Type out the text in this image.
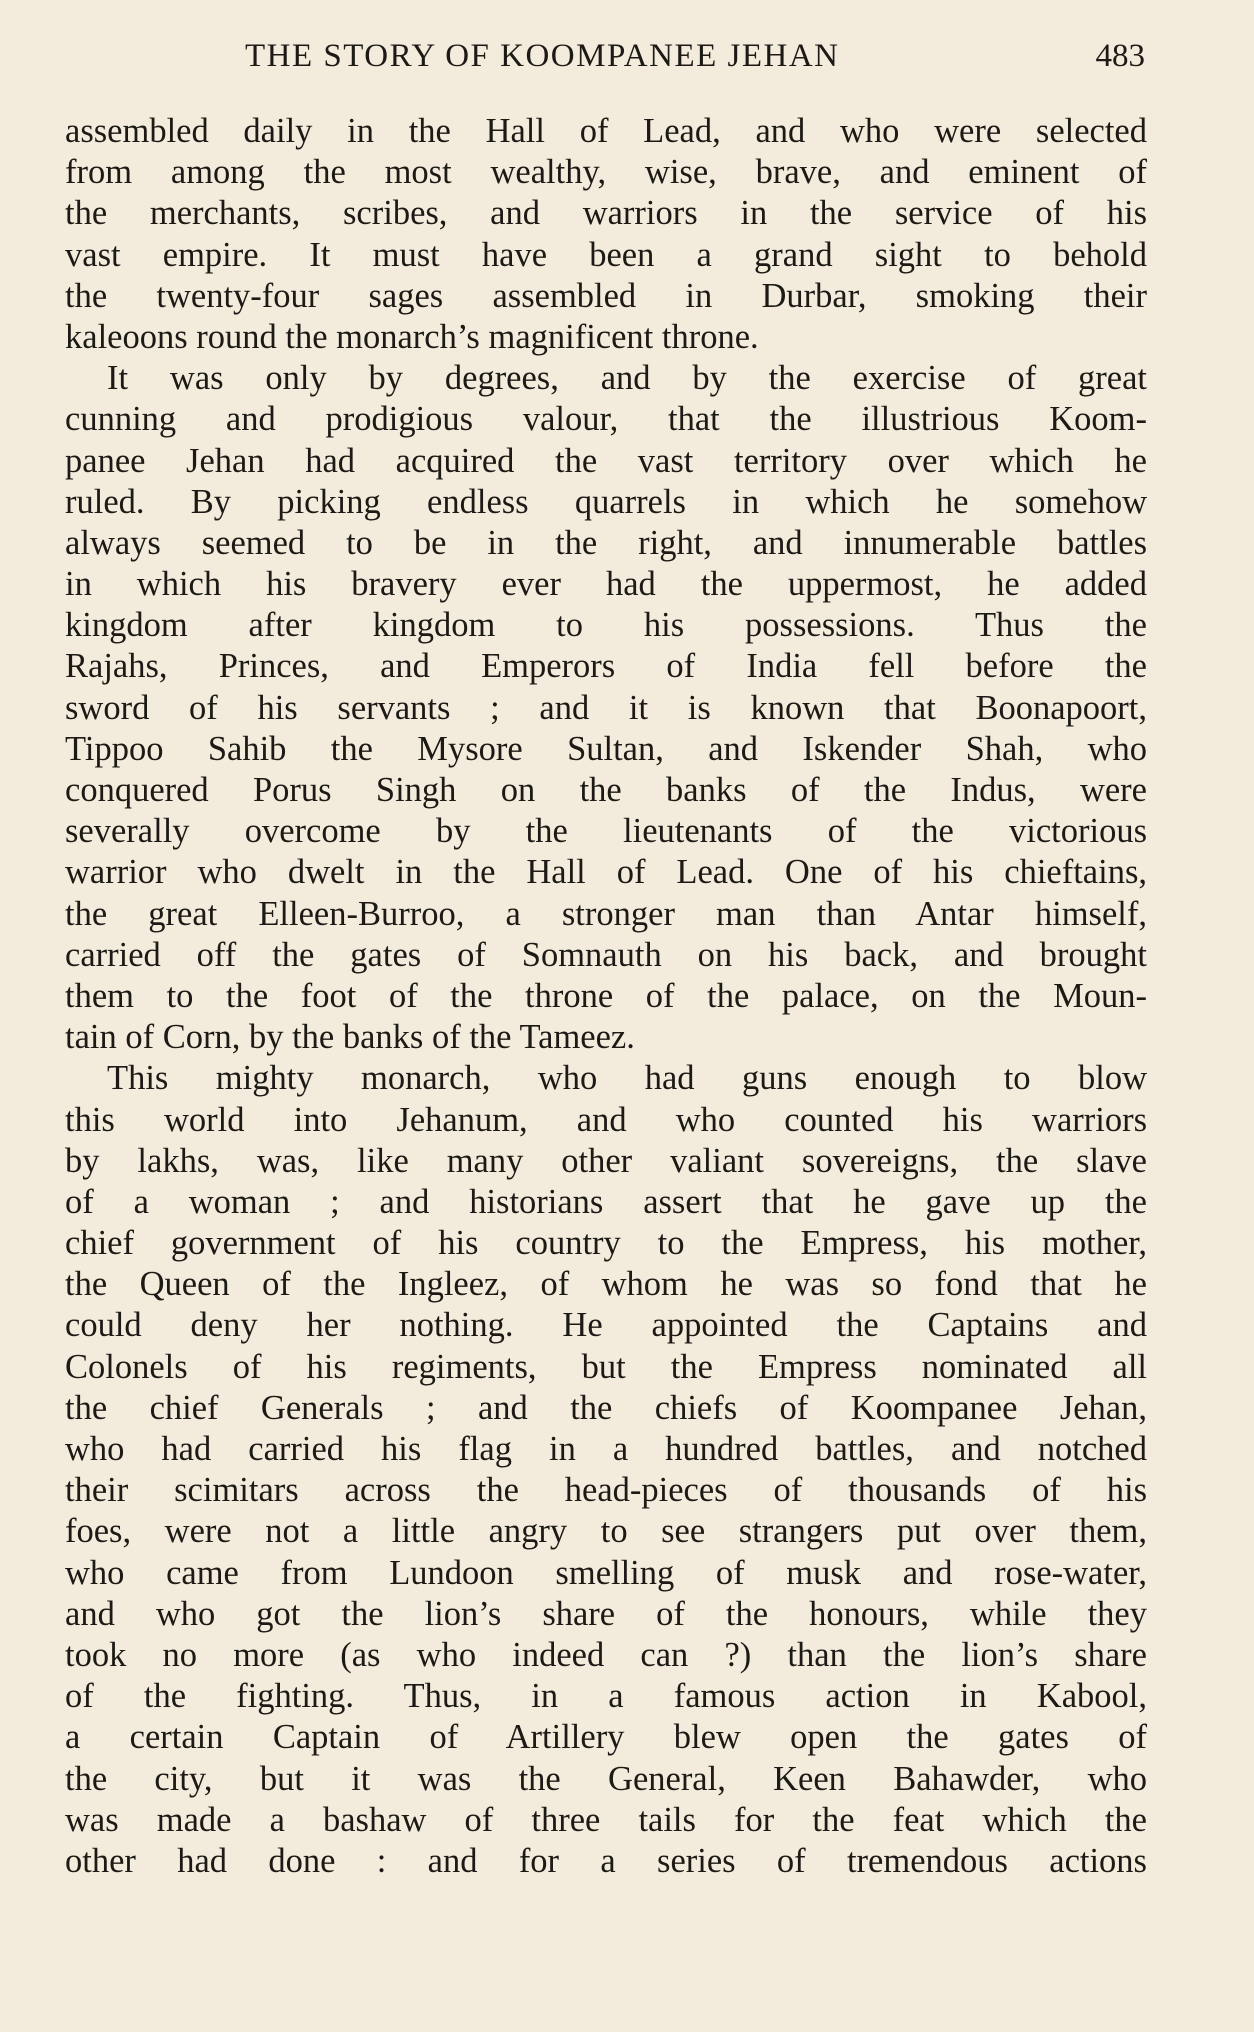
THE STORY OF KOOMPANEE JEHAN	483
assembled daily in the Hall of Lead, and who were selected
from among the most wealthy, wise, brave, and eminent of
the merchants, scribes, and warriors in the service of his
vast empire. It must have been a grand sight to behold
the twenty-four sages assembled in Durbar, smoking their
kaleoons round the monarch’s magnificent throne.
It was only by degrees, and by the exercise of great
cunning and prodigious valour, that the illustrious Koom-
panee Jehan had acquired the vast territory over which he
ruled. By picking endless quarrels in which he somehow
always seemed to be in the right, and innumerable battles
in which his bravery ever had the uppermost, he added
kingdom after kingdom to his possessions. Thus the
Rajahs, Princes, and Emperors of India fell before the
sword of his servants ; and it is known that Boonapoort,
Tippoo Sahib the Mysore Sultan, and Iskender Shah, who
conquered Porus Singh on the banks of the Indus, were
severally overcome by the lieutenants of the victorious
warrior who dwelt in the Hall of Lead. One of his chieftains,
the great Elleen-Burroo, a stronger man than Antar himself,
carried off the gates of Somnauth on his back, and brought
them to the foot of the throne of the palace, on the Moun-
tain of Corn, by the banks of the Tameez.
This mighty monarch, who had guns enough to blow
this world into Jehanum, and who counted his warriors
by lakhs, was, like many other valiant sovereigns, the slave
of a woman ; and historians assert that he gave up the
chief government of his country to the Empress, his mother,
the Queen of the Ingleez, of whom he was so fond that he
could deny her nothing. He appointed the Captains and
Colonels of his regiments, but the Empress nominated all
the chief Generals ; and the chiefs of Koompanee Jehan,
who had carried his flag in a hundred battles, and notched
their scimitars across the head-pieces of thousands of his
foes, were not a little angry to see strangers put over them,
who came from Lundoon smelling of musk and rose-water,
and who got the lion’s share of the honours, while they
took no more (as who indeed can ?) than the lion’s share
of the fighting. Thus, in a famous action in Kabool,
a certain Captain of Artillery blew open the gates of
the city, but it was the General, Keen Bahawder, who
was made a bashaw of three tails for the feat which the
other had done : and for a series of tremendous actions
